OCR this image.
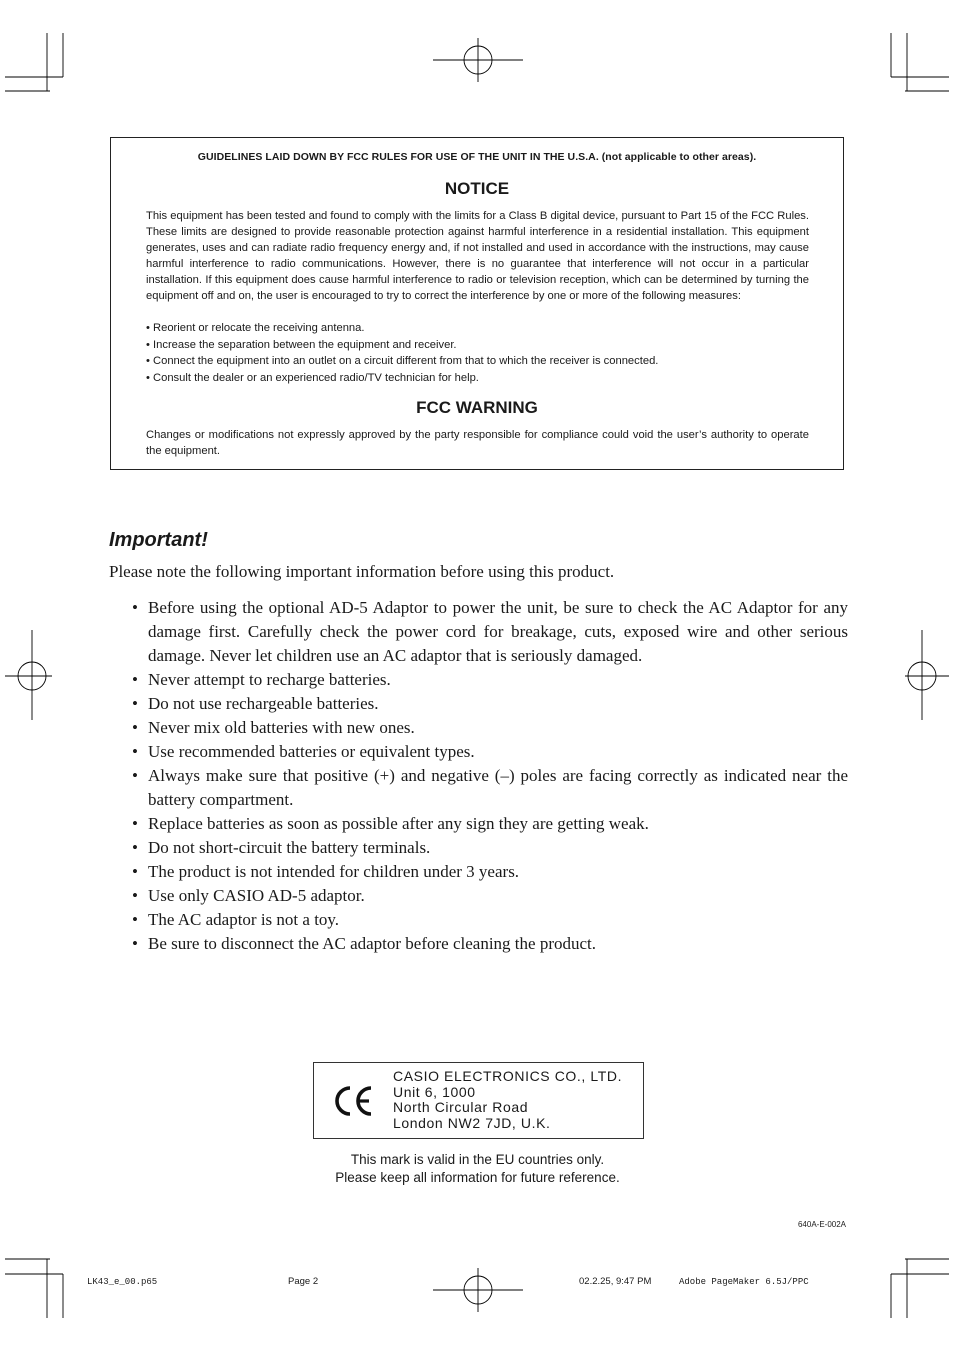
GUIDELINES LAID DOWN BY FCC RULES FOR USE OF THE UNIT IN THE U.S.A. (not applicable to other areas).
NOTICE

This equipment has been tested and found to comply with the limits for a Class B digital device, pursuant to Part 15 of the FCC Rules. These limits are designed to provide reasonable protection against harmful interference in a residential installation. This equipment generates, uses and can radiate radio frequency energy and, if not installed and used in accordance with the instructions, may cause harmful interference to radio communications. However, there is no guarantee that interference will not occur in a particular installation. If this equipment does cause harmful interference to radio or television reception, which can be determined by turning the equipment off and on, the user is encouraged to try to correct the interference by one or more of the following measures:

• Reorient or relocate the receiving antenna.
• Increase the separation between the equipment and receiver.
• Connect the equipment into an outlet on a circuit different from that to which the receiver is connected.
• Consult the dealer or an experienced radio/TV technician for help.
FCC WARNING

Changes or modifications not expressly approved by the party responsible for compliance could void the user’s authority to operate the equipment.

Important!
Please note the following important information before using this product.
• Before using the optional AD-5 Adaptor to power the unit, be sure to check the AC Adaptor for any damage first. Carefully check the power cord for breakage, cuts, exposed wire and other serious damage. Never let children use an AC adaptor that is seriously damaged.
• Never attempt to recharge batteries.
• Do not use rechargeable batteries.
• Never mix old batteries with new ones.
• Use recommended batteries or equivalent types.
• Always make sure that positive (+) and negative (–) poles are facing correctly as indicated near the battery compartment.
• Replace batteries as soon as possible after any sign they are getting weak.
• Do not short-circuit the battery terminals.
• The product is not intended for children under 3 years.
• Use only CASIO AD-5 adaptor.
• The AC adaptor is not a toy.
• Be sure to disconnect the AC adaptor before cleaning the product.
CASIO ELECTRONICS CO., LTD.
Unit 6, 1000
North Circular Road
London NW2 7JD, U.K.
This mark is valid in the EU countries only.
Please keep all information for future reference.
640A-E-002A
LK43_e_00.p65	Page 2	02.2.25, 9:47 PM	Adobe PageMaker 6.5J/PPC
